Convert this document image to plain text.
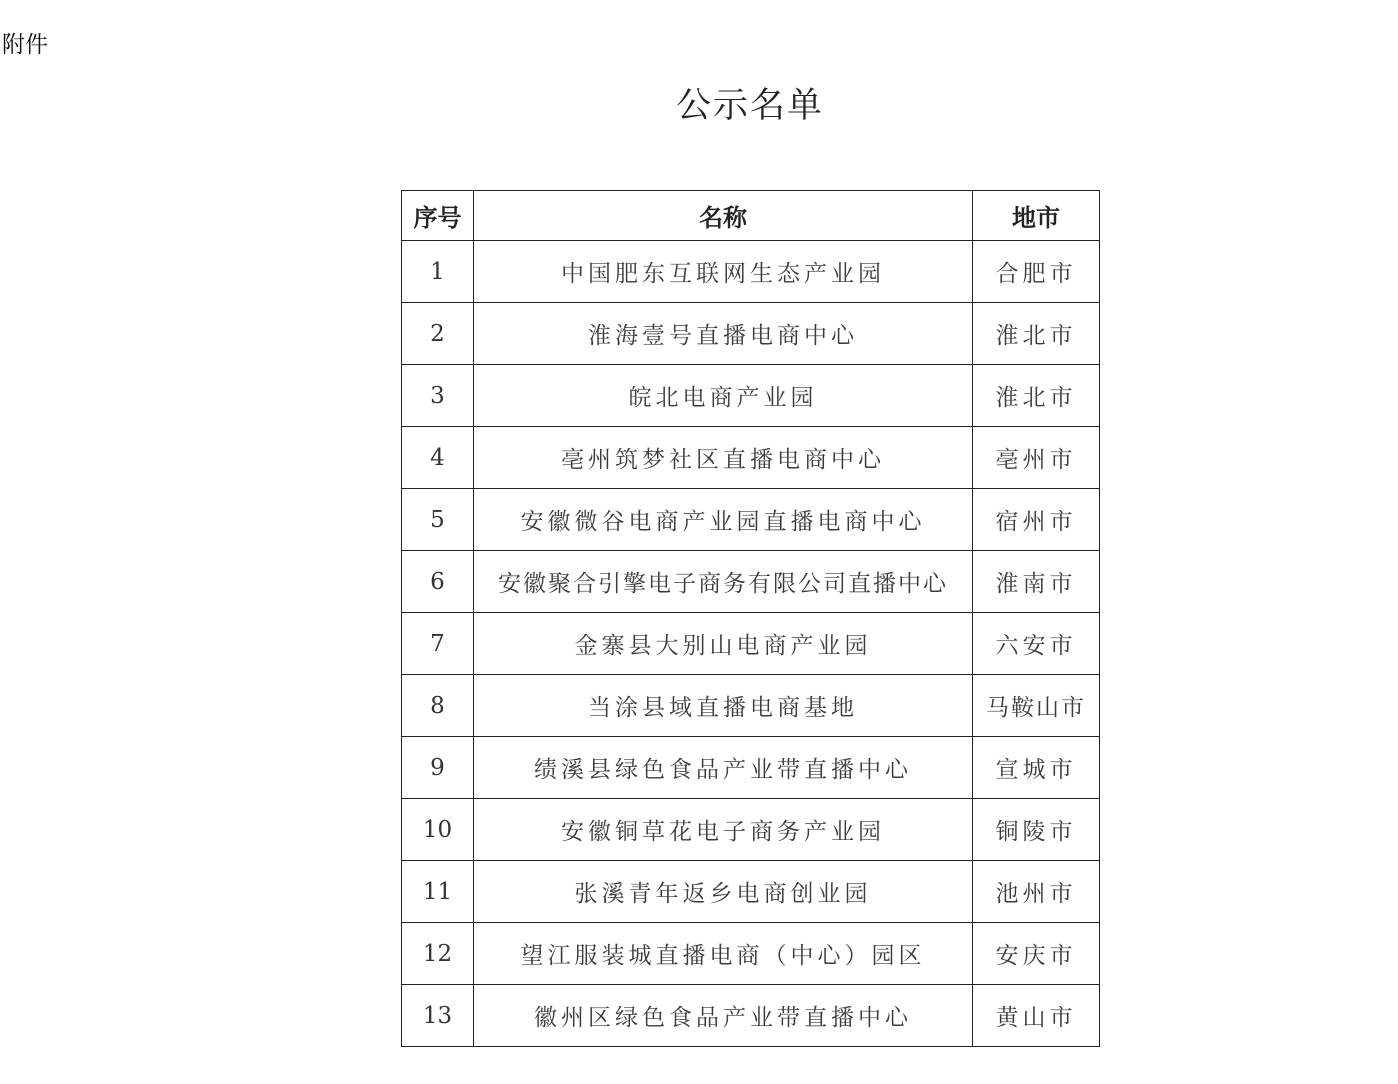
附件
公示名单
序号	名称	地市
1	中国肥东互联网生态产业园	合肥市
2	淮海壹号直播电商中心	淮北市
3	皖北电商产业园	淮北市
4	亳州筑梦社区直播电商中心	亳州市
5	安徽微谷电商产业园直播电商中心	宿州市
6	安徽聚合引擎电子商务有限公司直播中心	淮南市
7	金寨县大别山电商产业园	六安市
8	当涂县域直播电商基地	马鞍山市
9	绩溪县绿色食品产业带直播中心	宣城市
10	安徽铜草花电子商务产业园	铜陵市
11	张溪青年返乡电商创业园	池州市
12	望江服装城直播电商（中心）园区	安庆市
13	徽州区绿色食品产业带直播中心	黄山市
